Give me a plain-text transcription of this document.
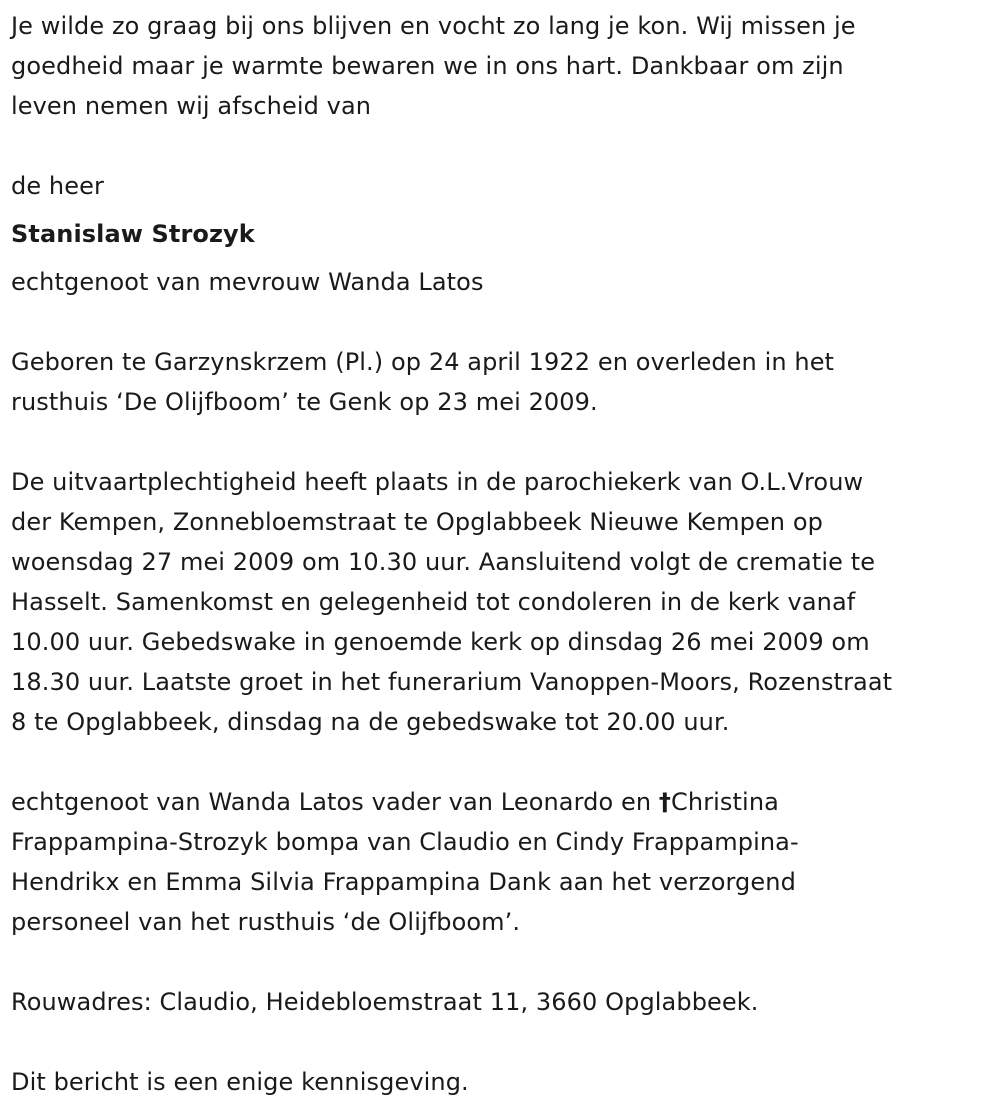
Je wilde zo graag bij ons blijven en vocht zo lang je kon. Wij missen je
goedheid maar je warmte bewaren we in ons hart. Dankbaar om zijn
leven nemen wij afscheid van

de heer

Stanislaw Strozyk

echtgenoot van mevrouw Wanda Latos

Geboren te Garzynskrzem (Pl.) op 24 april 1922 en overleden in het
rusthuis ‘De Olijfboom’ te Genk op 23 mei 2009.

De uitvaartplechtigheid heeft plaats in de parochiekerk van O.L.Vrouw
der Kempen, Zonnebloemstraat te Opglabbeek Nieuwe Kempen op
woensdag 27 mei 2009 om 10.30 uur. Aansluitend volgt de crematie te
Hasselt. Samenkomst en gelegenheid tot condoleren in de kerk vanaf
10.00 uur. Gebedswake in genoemde kerk op dinsdag 26 mei 2009 om
18.30 uur. Laatste groet in het funerarium Vanoppen-Moors, Rozenstraat
8 te Opglabbeek, dinsdag na de gebedswake tot 20.00 uur.

echtgenoot van Wanda Latos vader van Leonardo en †Christina
Frappampina-Strozyk bompa van Claudio en Cindy Frappampina-
Hendrikx en Emma Silvia Frappampina Dank aan het verzorgend
personeel van het rusthuis ‘de Olijfboom’.

Rouwadres: Claudio, Heidebloemstraat 11, 3660 Opglabbeek.

Dit bericht is een enige kennisgeving.
